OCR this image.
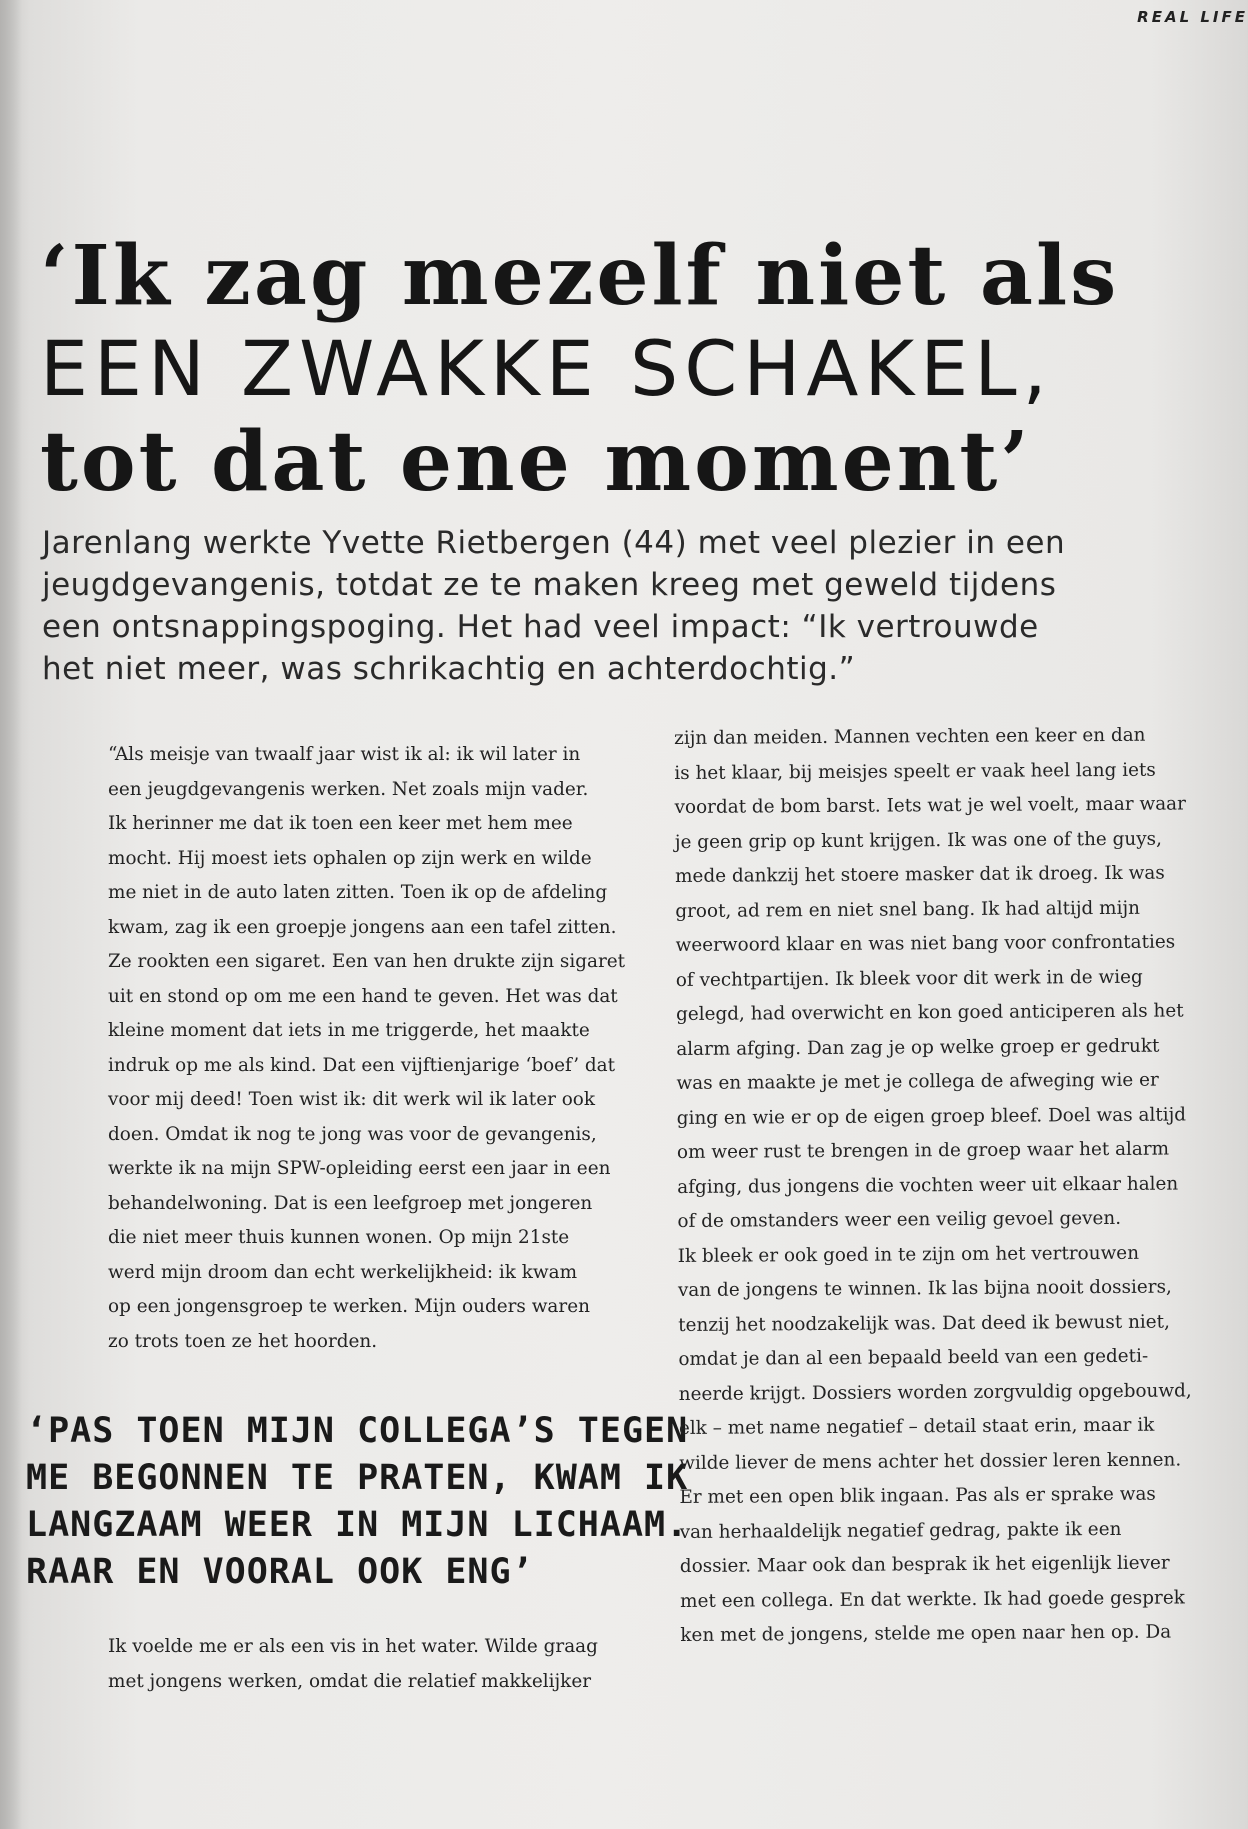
REAL LIFE
‘Ik zag mezelf niet als
EEN ZWAKKE SCHAKEL,
tot dat ene moment’
Jarenlang werkte Yvette Rietbergen (44) met veel plezier in een
jeugdgevangenis, totdat ze te maken kreeg met geweld tijdens
een ontsnappingspoging. Het had veel impact: “Ik vertrouwde
het niet meer, was schrikachtig en achterdochtig.”
“Als meisje van twaalf jaar wist ik al: ik wil later in
een jeugdgevangenis werken. Net zoals mijn vader.
Ik herinner me dat ik toen een keer met hem mee
mocht. Hij moest iets ophalen op zijn werk en wilde
me niet in de auto laten zitten. Toen ik op de afdeling
kwam, zag ik een groepje jongens aan een tafel zitten.
Ze rookten een sigaret. Een van hen drukte zijn sigaret
uit en stond op om me een hand te geven. Het was dat
kleine moment dat iets in me triggerde, het maakte
indruk op me als kind. Dat een vijftienjarige ‘boef’ dat
voor mij deed! Toen wist ik: dit werk wil ik later ook
doen. Omdat ik nog te jong was voor de gevangenis,
werkte ik na mijn SPW-opleiding eerst een jaar in een
behandelwoning. Dat is een leefgroep met jongeren
die niet meer thuis kunnen wonen. Op mijn 21ste
werd mijn droom dan echt werkelijkheid: ik kwam
op een jongensgroep te werken. Mijn ouders waren
zo trots toen ze het hoorden.
‘PAS TOEN MIJN COLLEGA’S TEGEN
ME BEGONNEN TE PRATEN, KWAM IK
LANGZAAM WEER IN MIJN LICHAAM.
RAAR EN VOORAL OOK ENG’
Ik voelde me er als een vis in het water. Wilde graag
met jongens werken, omdat die relatief makkelijker
zijn dan meiden. Mannen vechten een keer en dan
is het klaar, bij meisjes speelt er vaak heel lang iets
voordat de bom barst. Iets wat je wel voelt, maar waar
je geen grip op kunt krijgen. Ik was one of the guys,
mede dankzij het stoere masker dat ik droeg. Ik was
groot, ad rem en niet snel bang. Ik had altijd mijn
weerwoord klaar en was niet bang voor confrontaties
of vechtpartijen. Ik bleek voor dit werk in de wieg
gelegd, had overwicht en kon goed anticiperen als het
alarm afging. Dan zag je op welke groep er gedrukt
was en maakte je met je collega de afweging wie er
ging en wie er op de eigen groep bleef. Doel was altijd
om weer rust te brengen in de groep waar het alarm
afging, dus jongens die vochten weer uit elkaar halen
of de omstanders weer een veilig gevoel geven.
Ik bleek er ook goed in te zijn om het vertrouwen
van de jongens te winnen. Ik las bijna nooit dossiers,
tenzij het noodzakelijk was. Dat deed ik bewust niet,
omdat je dan al een bepaald beeld van een gedeti-
neerde krijgt. Dossiers worden zorgvuldig opgebouwd,
elk – met name negatief – detail staat erin, maar ik
wilde liever de mens achter het dossier leren kennen.
Er met een open blik ingaan. Pas als er sprake was
van herhaaldelijk negatief gedrag, pakte ik een
dossier. Maar ook dan besprak ik het eigenlijk liever
met een collega. En dat werkte. Ik had goede gesprek
ken met de jongens, stelde me open naar hen op. Da
